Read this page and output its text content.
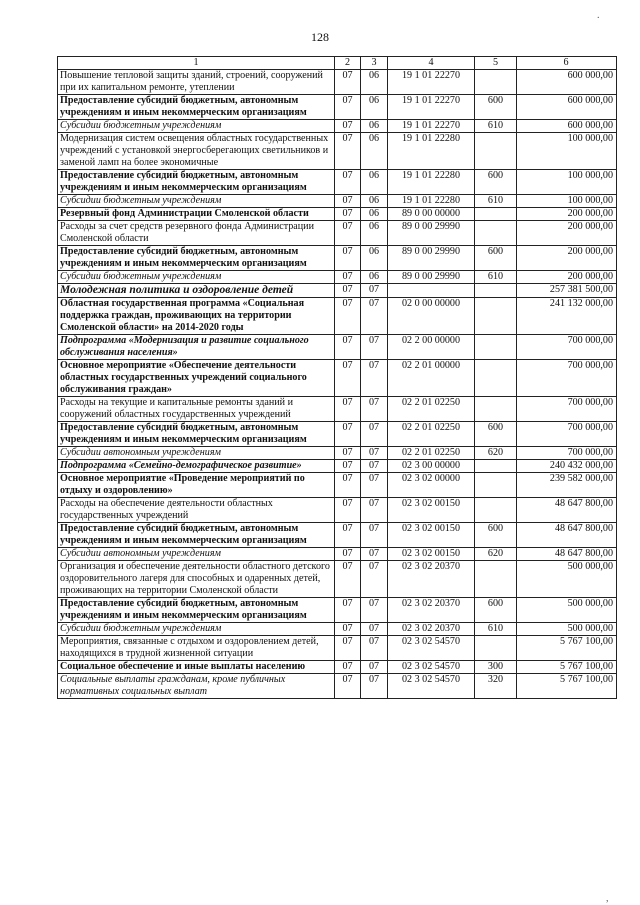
128
.
,
1	2	3	4	5	6
Повышение тепловой защиты зданий, строений, сооружений при их капитальном ремонте, утеплении	07	06	19 1 01 22270		600 000,00
Предоставление субсидий бюджетным, автономным учреждениям и иным некоммерческим организациям	07	06	19 1 01 22270	600	600 000,00
Субсидии бюджетным учреждениям	07	06	19 1 01 22270	610	600 000,00
Модернизация систем освещения областных государственных учреждений с установкой энергосберегающих светильников и заменой ламп на более экономичные	07	06	19 1 01 22280		100 000,00
Предоставление субсидий бюджетным, автономным учреждениям и иным некоммерческим организациям	07	06	19 1 01 22280	600	100 000,00
Субсидии бюджетным учреждениям	07	06	19 1 01 22280	610	100 000,00
Резервный фонд Администрации Смоленской области	07	06	89 0 00 00000		200 000,00
Расходы за счет средств резервного фонда Администрации Смоленской области	07	06	89 0 00 29990		200 000,00
Предоставление субсидий бюджетным, автономным учреждениям и иным некоммерческим организациям	07	06	89 0 00 29990	600	200 000,00
Субсидии бюджетным учреждениям	07	06	89 0 00 29990	610	200 000,00
Молодежная политика и оздоровление детей	07	07			257 381 500,00
Областная государственная программа «Социальная поддержка граждан, проживающих на территории Смоленской области» на 2014-2020 годы	07	07	02 0 00 00000		241 132 000,00
Подпрограмма «Модернизация и развитие социального обслуживания населения»	07	07	02 2 00 00000		700 000,00
Основное мероприятие «Обеспечение деятельности областных государственных учреждений социального обслуживания граждан»	07	07	02 2 01 00000		700 000,00
Расходы на текущие и капитальные ремонты зданий и сооружений областных государственных учреждений	07	07	02 2 01 02250		700 000,00
Предоставление субсидий бюджетным, автономным учреждениям и иным некоммерческим организациям	07	07	02 2 01 02250	600	700 000,00
Субсидии автономным учреждениям	07	07	02 2 01 02250	620	700 000,00
Подпрограмма «Семейно-демографическое развитие»	07	07	02 3 00 00000		240 432 000,00
Основное мероприятие «Проведение мероприятий по отдыху и оздоровлению»	07	07	02 3 02 00000		239 582 000,00
Расходы на обеспечение деятельности областных государственных учреждений	07	07	02 3 02 00150		48 647 800,00
Предоставление субсидий бюджетным, автономным учреждениям и иным некоммерческим организациям	07	07	02 3 02 00150	600	48 647 800,00
Субсидии автономным учреждениям	07	07	02 3 02 00150	620	48 647 800,00
Организация и обеспечение деятельности областного детского оздоровительного лагеря для способных и одаренных детей, проживающих на территории Смоленской области	07	07	02 3 02 20370		500 000,00
Предоставление субсидий бюджетным, автономным учреждениям и иным некоммерческим организациям	07	07	02 3 02 20370	600	500 000,00
Субсидии бюджетным учреждениям	07	07	02 3 02 20370	610	500 000,00
Мероприятия, связанные с отдыхом и оздоровлением детей, находящихся в трудной жизненной ситуации	07	07	02 3 02 54570		5 767 100,00
Социальное обеспечение и иные выплаты населению	07	07	02 3 02 54570	300	5 767 100,00
Социальные выплаты гражданам, кроме публичных нормативных социальных выплат	07	07	02 3 02 54570	320	5 767 100,00
